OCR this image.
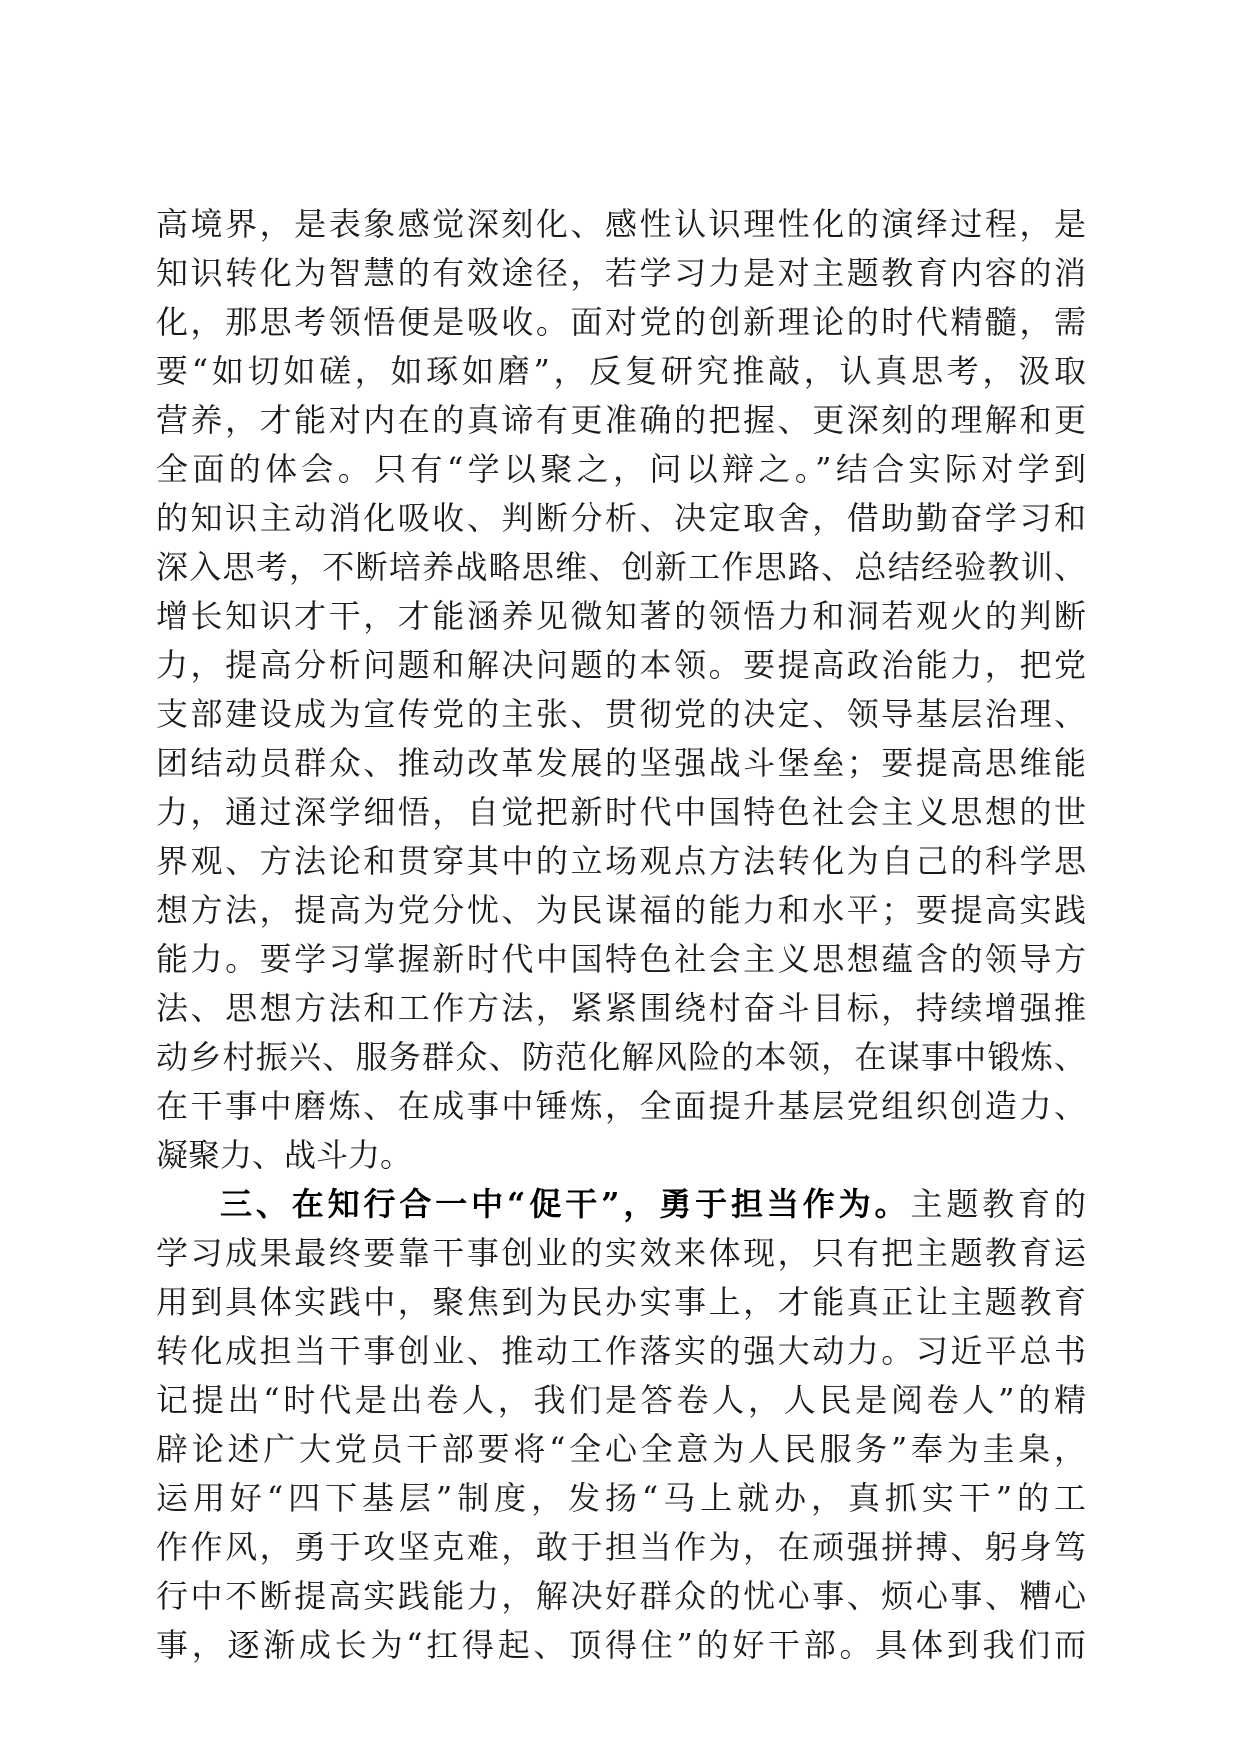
高境界，是表象感觉深刻化、感性认识理性化的演绎过程，是
知识转化为智慧的有效途径，若学习力是对主题教育内容的消
化，那思考领悟便是吸收。面对党的创新理论的时代精髓，需
要“如切如磋，如琢如磨”，反复研究推敲，认真思考，汲取
营养，才能对内在的真谛有更准确的把握、更深刻的理解和更
全面的体会。只有“学以聚之，问以辩之。”结合实际对学到
的知识主动消化吸收、判断分析、决定取舍，借助勤奋学习和
深入思考，不断培养战略思维、创新工作思路、总结经验教训、
增长知识才干，才能涵养见微知著的领悟力和洞若观火的判断
力，提高分析问题和解决问题的本领。要提高政治能力，把党
支部建设成为宣传党的主张、贯彻党的决定、领导基层治理、
团结动员群众、推动改革发展的坚强战斗堡垒；要提高思维能
力，通过深学细悟，自觉把新时代中国特色社会主义思想的世
界观、方法论和贯穿其中的立场观点方法转化为自己的科学思
想方法，提高为党分忧、为民谋福的能力和水平；要提高实践
能力。要学习掌握新时代中国特色社会主义思想蕴含的领导方
法、思想方法和工作方法，紧紧围绕村奋斗目标，持续增强推
动乡村振兴、服务群众、防范化解风险的本领，在谋事中锻炼、
在干事中磨炼、在成事中锤炼，全面提升基层党组织创造力、
凝聚力、战斗力。
三、在知行合一中“促干”，勇于担当作为。主题教育的
学习成果最终要靠干事创业的实效来体现，只有把主题教育运
用到具体实践中，聚焦到为民办实事上，才能真正让主题教育
转化成担当干事创业、推动工作落实的强大动力。习近平总书
记提出“时代是出卷人，我们是答卷人，人民是阅卷人”的精
辟论述广大党员干部要将“全心全意为人民服务”奉为圭臬，
运用好“四下基层”制度，发扬“马上就办，真抓实干”的工
作作风，勇于攻坚克难，敢于担当作为，在顽强拼搏、躬身笃
行中不断提高实践能力，解决好群众的忧心事、烦心事、糟心
事，逐渐成长为“扛得起、顶得住”的好干部。具体到我们而
